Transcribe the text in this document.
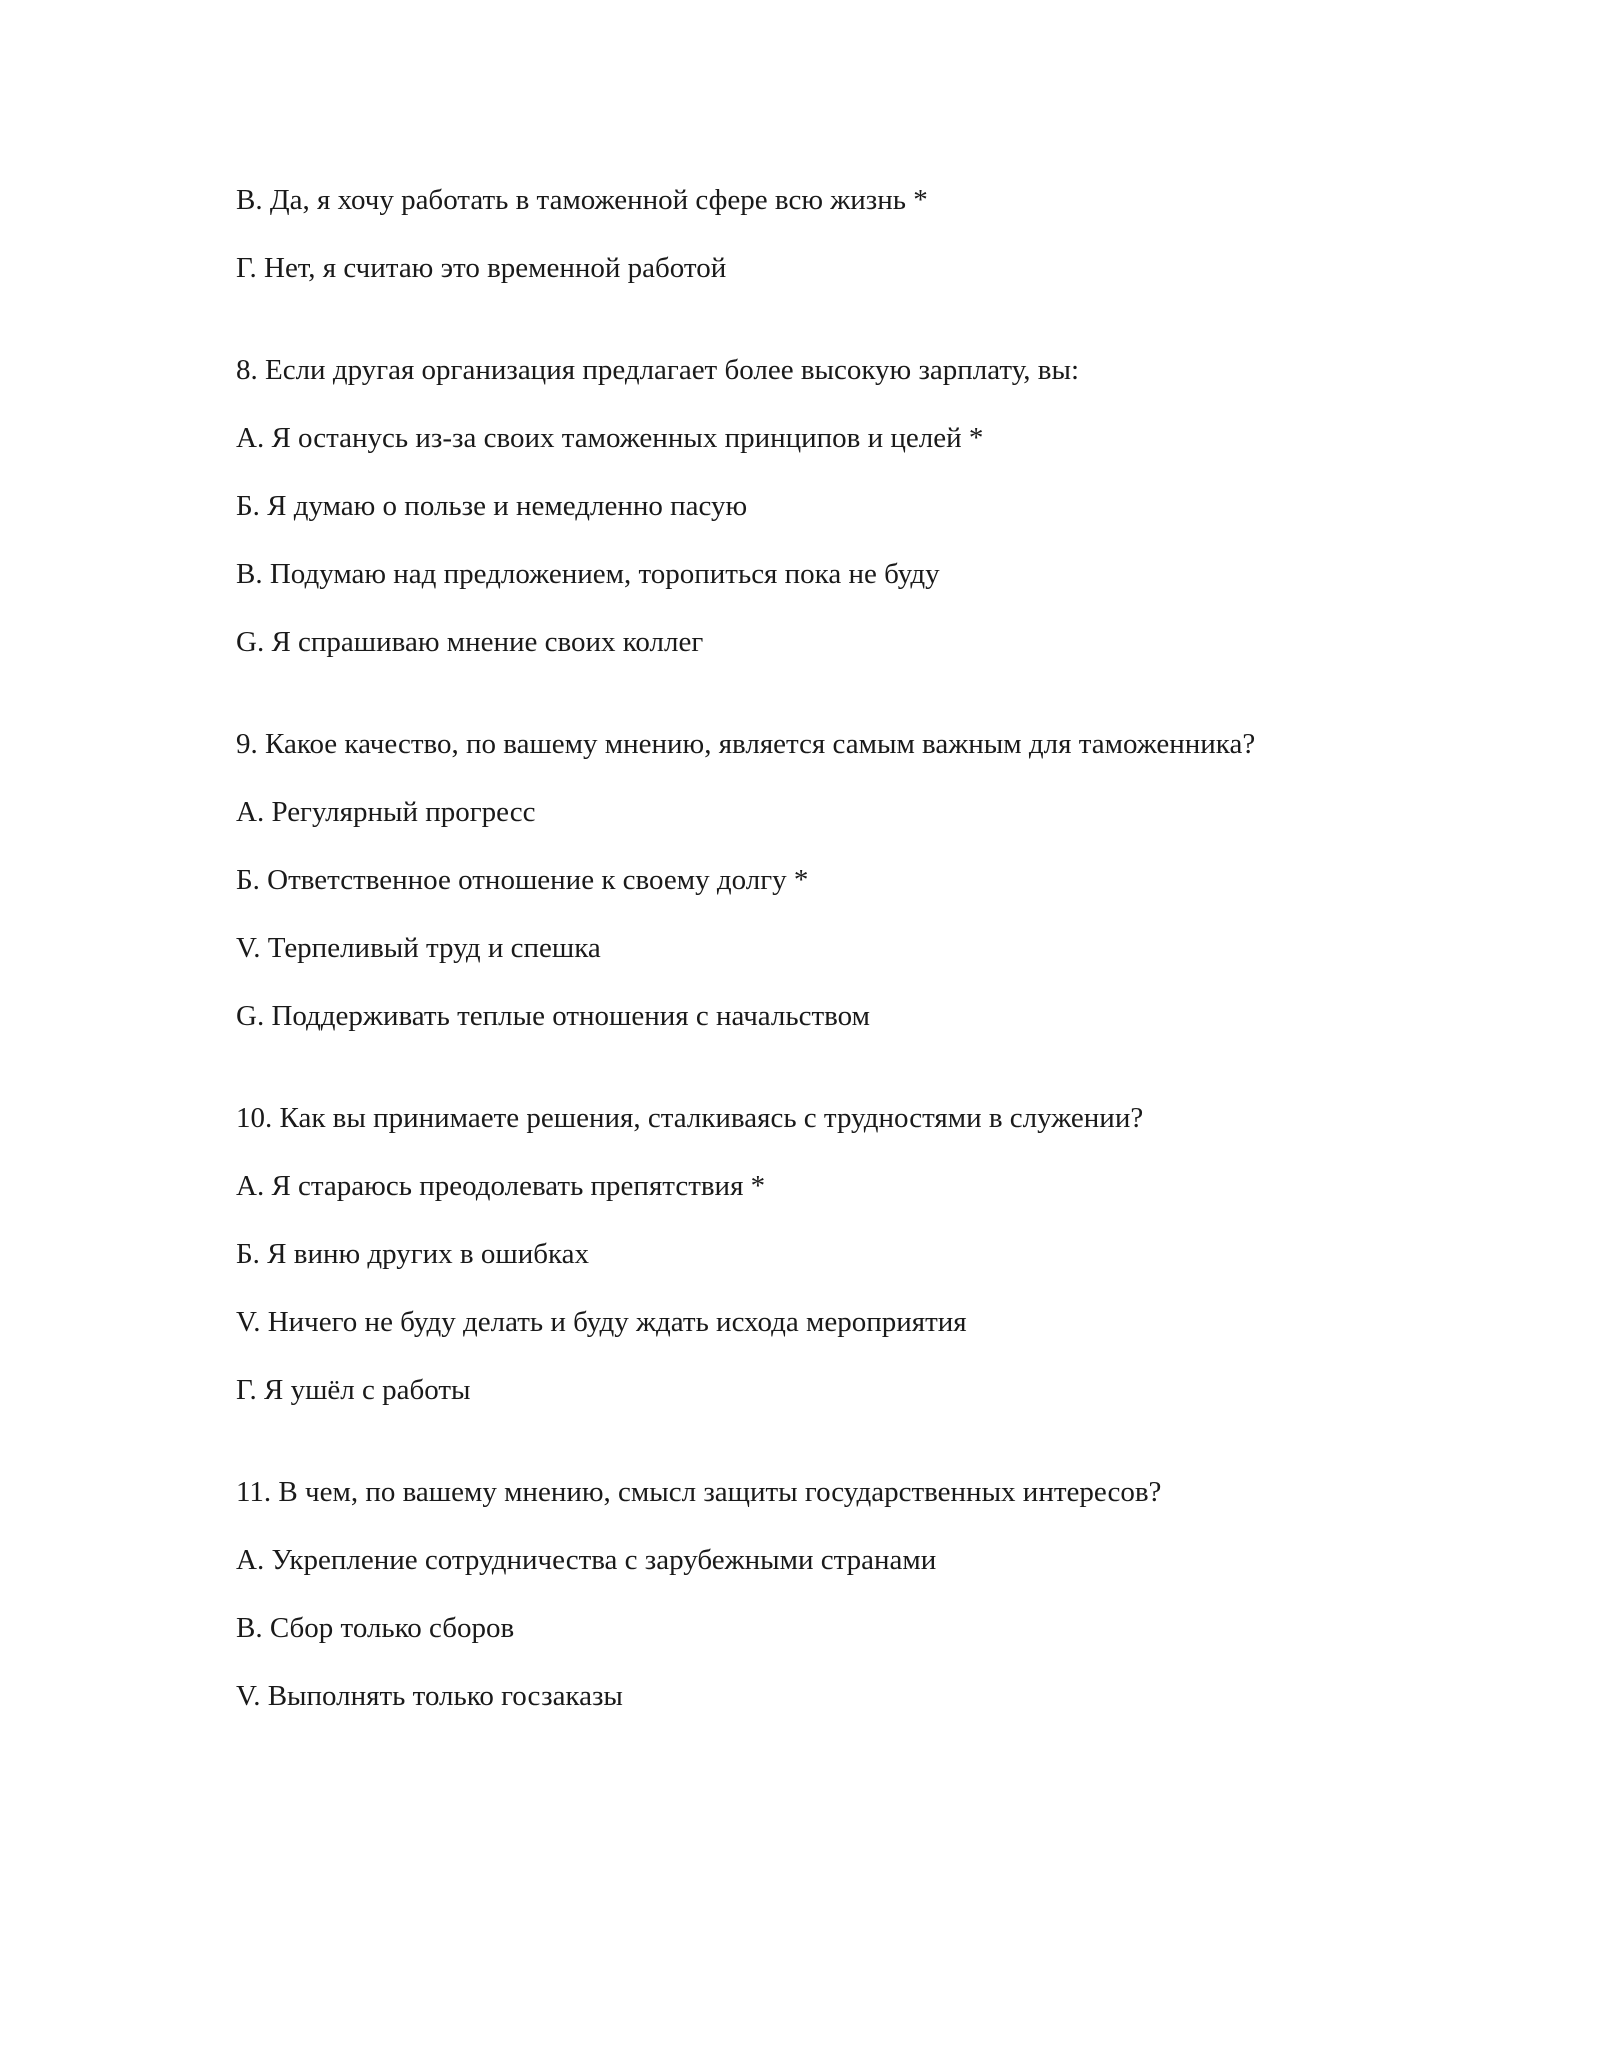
В. Да, я хочу работать в таможенной сфере всю жизнь *
Г. Нет, я считаю это временной работой
8. Если другая организация предлагает более высокую зарплату, вы:
А. Я останусь из-за своих таможенных принципов и целей *
Б. Я думаю о пользе и немедленно пасую
В. Подумаю над предложением, торопиться пока не буду
G. Я спрашиваю мнение своих коллег
9. Какое качество, по вашему мнению, является самым важным для таможенника?
А. Регулярный прогресс
Б. Ответственное отношение к своему долгу *
V. Терпеливый труд и спешка
G. Поддерживать теплые отношения с начальством
10. Как вы принимаете решения, сталкиваясь с трудностями в служении?
А. Я стараюсь преодолевать препятствия *
Б. Я виню других в ошибках
V. Ничего не буду делать и буду ждать исхода мероприятия
Г. Я ушёл с работы
11. В чем, по вашему мнению, смысл защиты государственных интересов?
А. Укрепление сотрудничества с зарубежными странами
В. Сбор только сборов
V. Выполнять только госзаказы
